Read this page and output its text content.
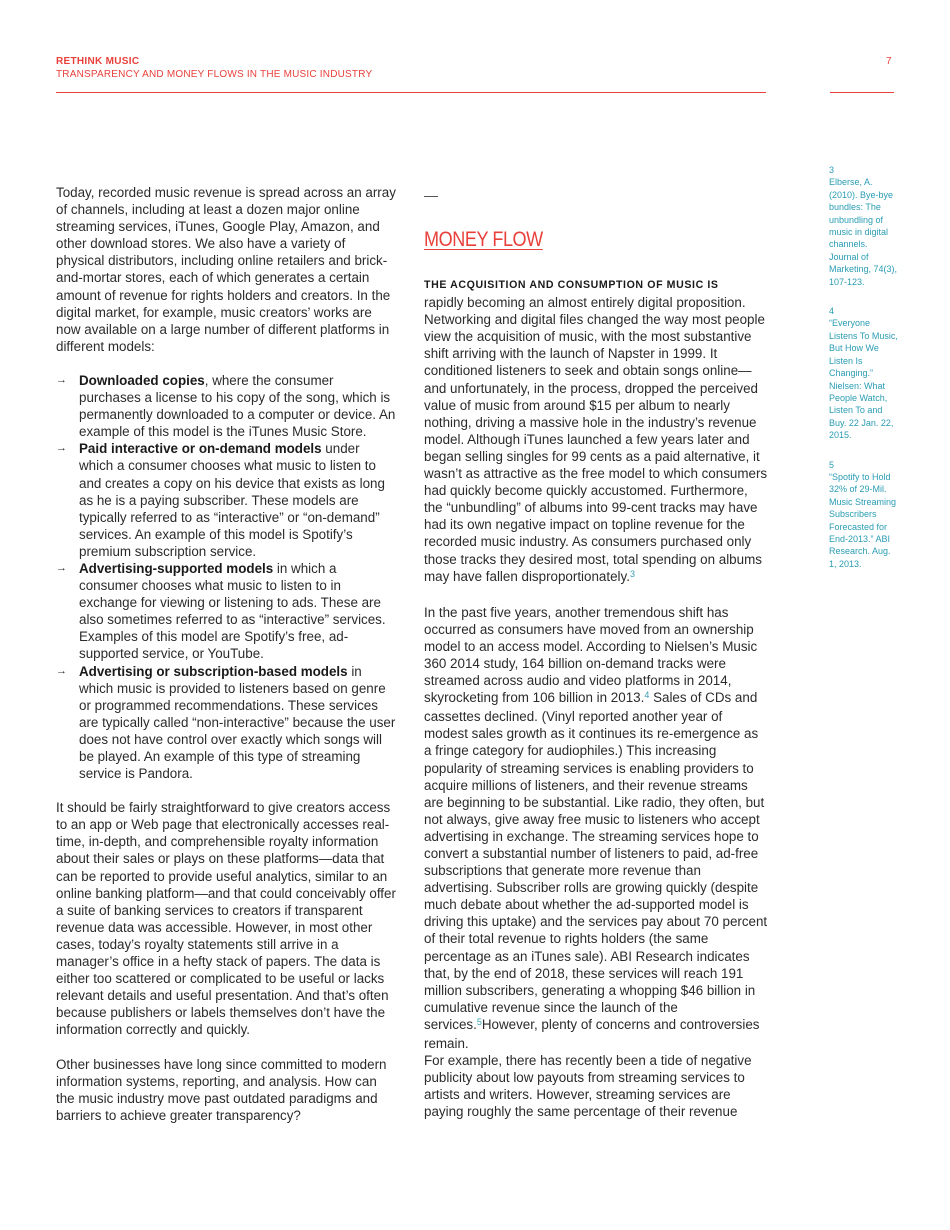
RETHINK MUSIC
TRANSPARENCY AND MONEY FLOWS IN THE MUSIC INDUSTRY
7

Today, recorded music revenue is spread across an array of channels, including at least a dozen major online streaming services, iTunes, Google Play, Amazon, and other download stores. We also have a variety of physical distributors, including online retailers and brick-and-mortar stores, each of which generates a certain amount of revenue for rights holders and creators. In the digital market, for example, music creators’ works are now available on a large number of different platforms in different models:

→ Downloaded copies, where the consumer purchases a license to his copy of the song, which is permanently downloaded to a computer or device. An example of this model is the iTunes Music Store.
→ Paid interactive or on-demand models under which a consumer chooses what music to listen to and creates a copy on his device that exists as long as he is a paying subscriber. These models are typically referred to as “interactive” or “on-demand” services. An example of this model is Spotify’s premium subscription service.
→ Advertising-supported models in which a consumer chooses what music to listen to in exchange for viewing or listening to ads. These are also sometimes referred to as “interactive” services. Examples of this model are Spotify’s free, ad-supported service, or YouTube.
→ Advertising or subscription-based models in which music is provided to listeners based on genre or programmed recommendations. These services are typically called “non-interactive” because the user does not have control over exactly which songs will be played. An example of this type of streaming service is Pandora.

It should be fairly straightforward to give creators access to an app or Web page that electronically accesses real-time, in-depth, and comprehensible royalty information about their sales or plays on these platforms—data that can be reported to provide useful analytics, similar to an online banking platform—and that could conceivably offer a suite of banking services to creators if transparent revenue data was accessible. However, in most other cases, today’s royalty statements still arrive in a manager’s office in a hefty stack of papers. The data is either too scattered or complicated to be useful or lacks relevant details and useful presentation. And that’s often because publishers or labels themselves don’t have the information correctly and quickly.

Other businesses have long since committed to modern information systems, reporting, and analysis. How can the music industry move past outdated paradigms and barriers to achieve greater transparency?

MONEY FLOW

THE ACQUISITION AND CONSUMPTION OF MUSIC IS
rapidly becoming an almost entirely digital proposition. Networking and digital files changed the way most people view the acquisition of music, with the most substantive shift arriving with the launch of Napster in 1999. It conditioned listeners to seek and obtain songs online—and unfortunately, in the process, dropped the perceived value of music from around $15 per album to nearly nothing, driving a massive hole in the industry’s revenue model. Although iTunes launched a few years later and began selling singles for 99 cents as a paid alternative, it wasn’t as attractive as the free model to which consumers had quickly become quickly accustomed. Furthermore, the “unbundling” of albums into 99-cent tracks may have had its own negative impact on topline revenue for the recorded music industry. As consumers purchased only those tracks they desired most, total spending on albums may have fallen disproportionately.$^3$

In the past five years, another tremendous shift has occurred as consumers have moved from an ownership model to an access model. According to Nielsen’s Music 360 2014 study, 164 billion on-demand tracks were streamed across audio and video platforms in 2014, skyrocketing from 106 billion in 2013.$^4$ Sales of CDs and cassettes declined. (Vinyl reported another year of modest sales growth as it continues its re-emergence as a fringe category for audiophiles.) This increasing popularity of streaming services is enabling providers to acquire millions of listeners, and their revenue streams are beginning to be substantial. Like radio, they often, but not always, give away free music to listeners who accept advertising in exchange. The streaming services hope to convert a substantial number of listeners to paid, ad-free subscriptions that generate more revenue than advertising. Subscriber rolls are growing quickly (despite much debate about whether the ad-supported model is driving this uptake) and the services pay about 70 percent of their total revenue to rights holders (the same percentage as an iTunes sale). ABI Research indicates that, by the end of 2018, these services will reach 191 million subscribers, generating a whopping $46 billion in cumulative revenue since the launch of the services.$^5$However, plenty of concerns and controversies remain.

For example, there has recently been a tide of negative publicity about low payouts from streaming services to artists and writers. However, streaming services are paying roughly the same percentage of their revenue

3
Elberse, A. (2010). Bye-bye bundles: The unbundling of music in digital channels. Journal of Marketing, 74(3), 107-123.
4
“Everyone Listens To Music, But How We Listen Is Changing.” Nielsen: What People Watch, Listen To and Buy. 22 Jan. 22, 2015.
5
“Spotify to Hold 32% of 29-Mil. Music Streaming Subscribers Forecasted for End-2013.” ABI Research. Aug. 1, 2013.
